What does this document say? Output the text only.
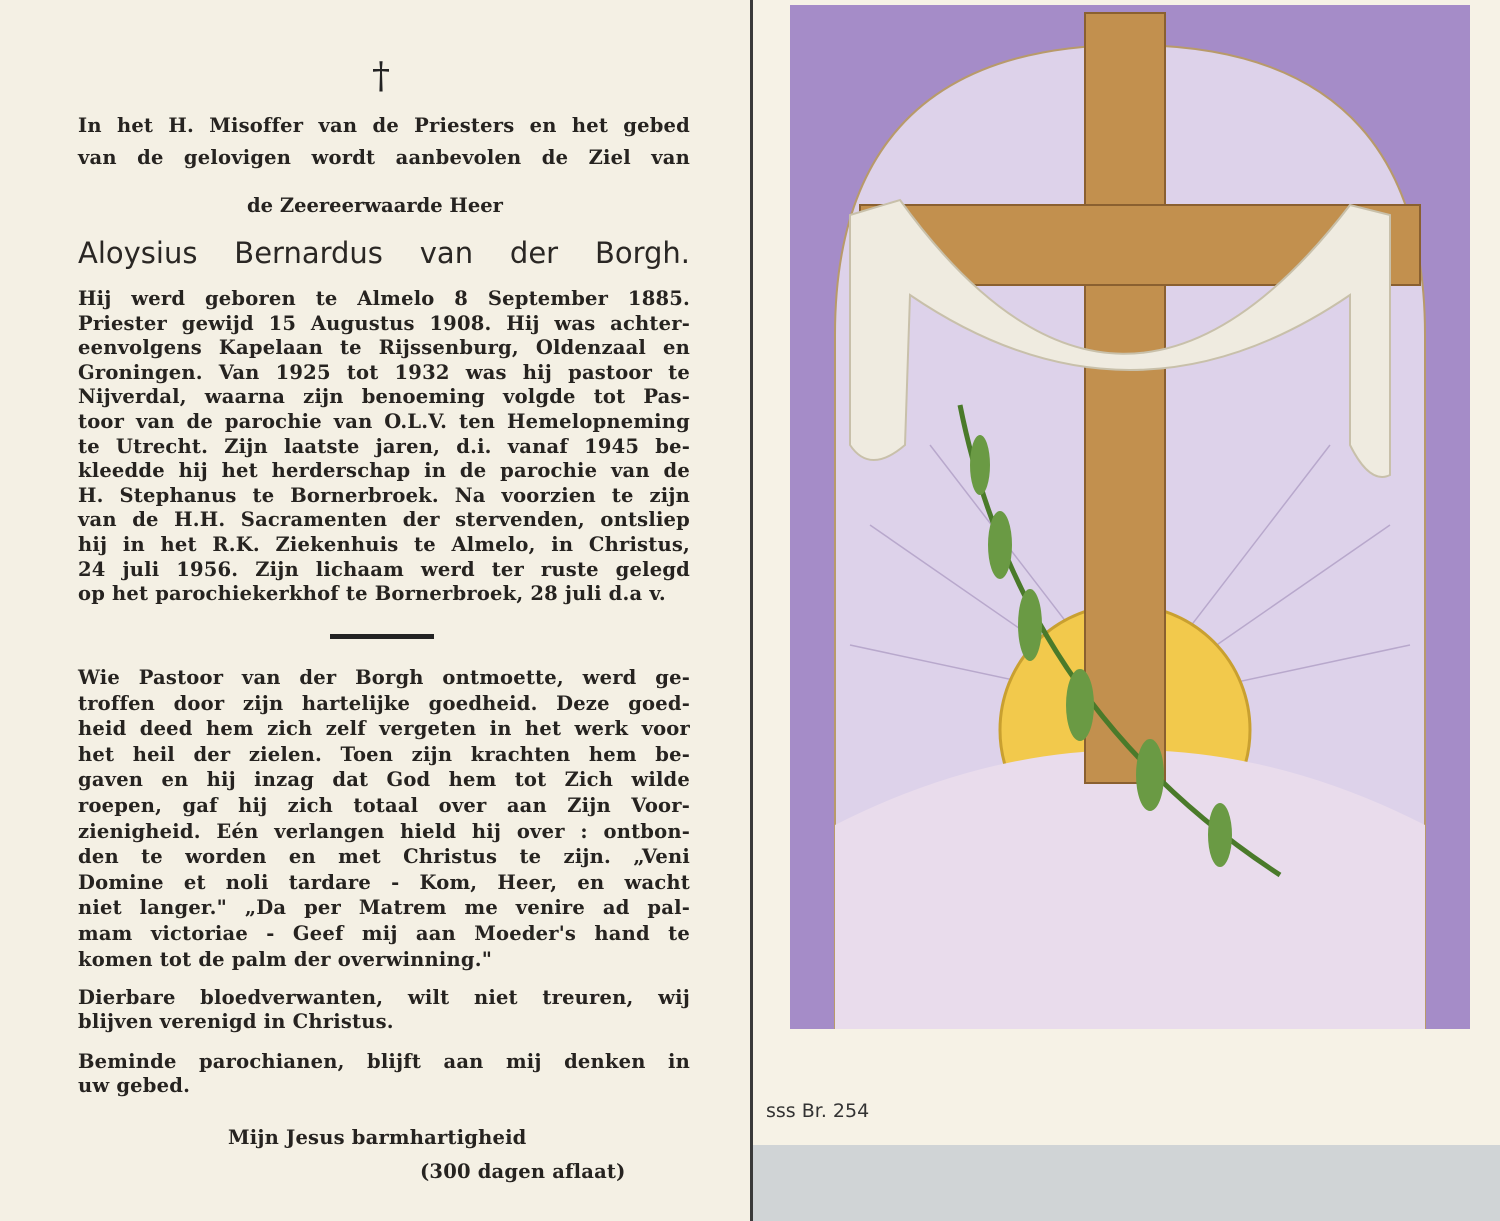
†
In het H. Misoffer van de Priesters en het gebed
van de gelovigen wordt aanbevolen de Ziel van
de Zeereerwaarde Heer
Aloysius Bernardus van der Borgh.
Hij werd geboren te Almelo 8 September 1885.
Priester gewijd 15 Augustus 1908. Hij was achter-
eenvolgens Kapelaan te Rijssenburg, Oldenzaal en
Groningen. Van 1925 tot 1932 was hij pastoor te
Nijverdal, waarna zijn benoeming volgde tot Pas-
toor van de parochie van O.L.V. ten Hemelopneming
te Utrecht. Zijn laatste jaren, d.i. vanaf 1945 be-
kleedde hij het herderschap in de parochie van de
H. Stephanus te Bornerbroek. Na voorzien te zijn
van de H.H. Sacramenten der stervenden, ontsliep
hij in het R.K. Ziekenhuis te Almelo, in Christus,
24 juli 1956. Zijn lichaam werd ter ruste gelegd
op het parochiekerkhof te Bornerbroek, 28 juli d.a v.
Wie Pastoor van der Borgh ontmoette, werd ge-
troffen door zijn hartelijke goedheid. Deze goed-
heid deed hem zich zelf vergeten in het werk voor
het heil der zielen. Toen zijn krachten hem be-
gaven en hij inzag dat God hem tot Zich wilde
roepen, gaf hij zich totaal over aan Zijn Voor-
zienigheid. Eén verlangen hield hij over : ontbon-
den te worden en met Christus te zijn. „Veni
Domine et noli tardare - Kom, Heer, en wacht
niet langer." „Da per Matrem me venire ad pal-
mam victoriae - Geef mij aan Moeder's hand te
komen tot de palm der overwinning."
Dierbare bloedverwanten, wilt niet treuren, wij
blijven verenigd in Christus.
Beminde parochianen, blijft aan mij denken in
uw gebed.
Mijn Jesus barmhartigheid
(300 dagen aflaat)
sss Br. 254
